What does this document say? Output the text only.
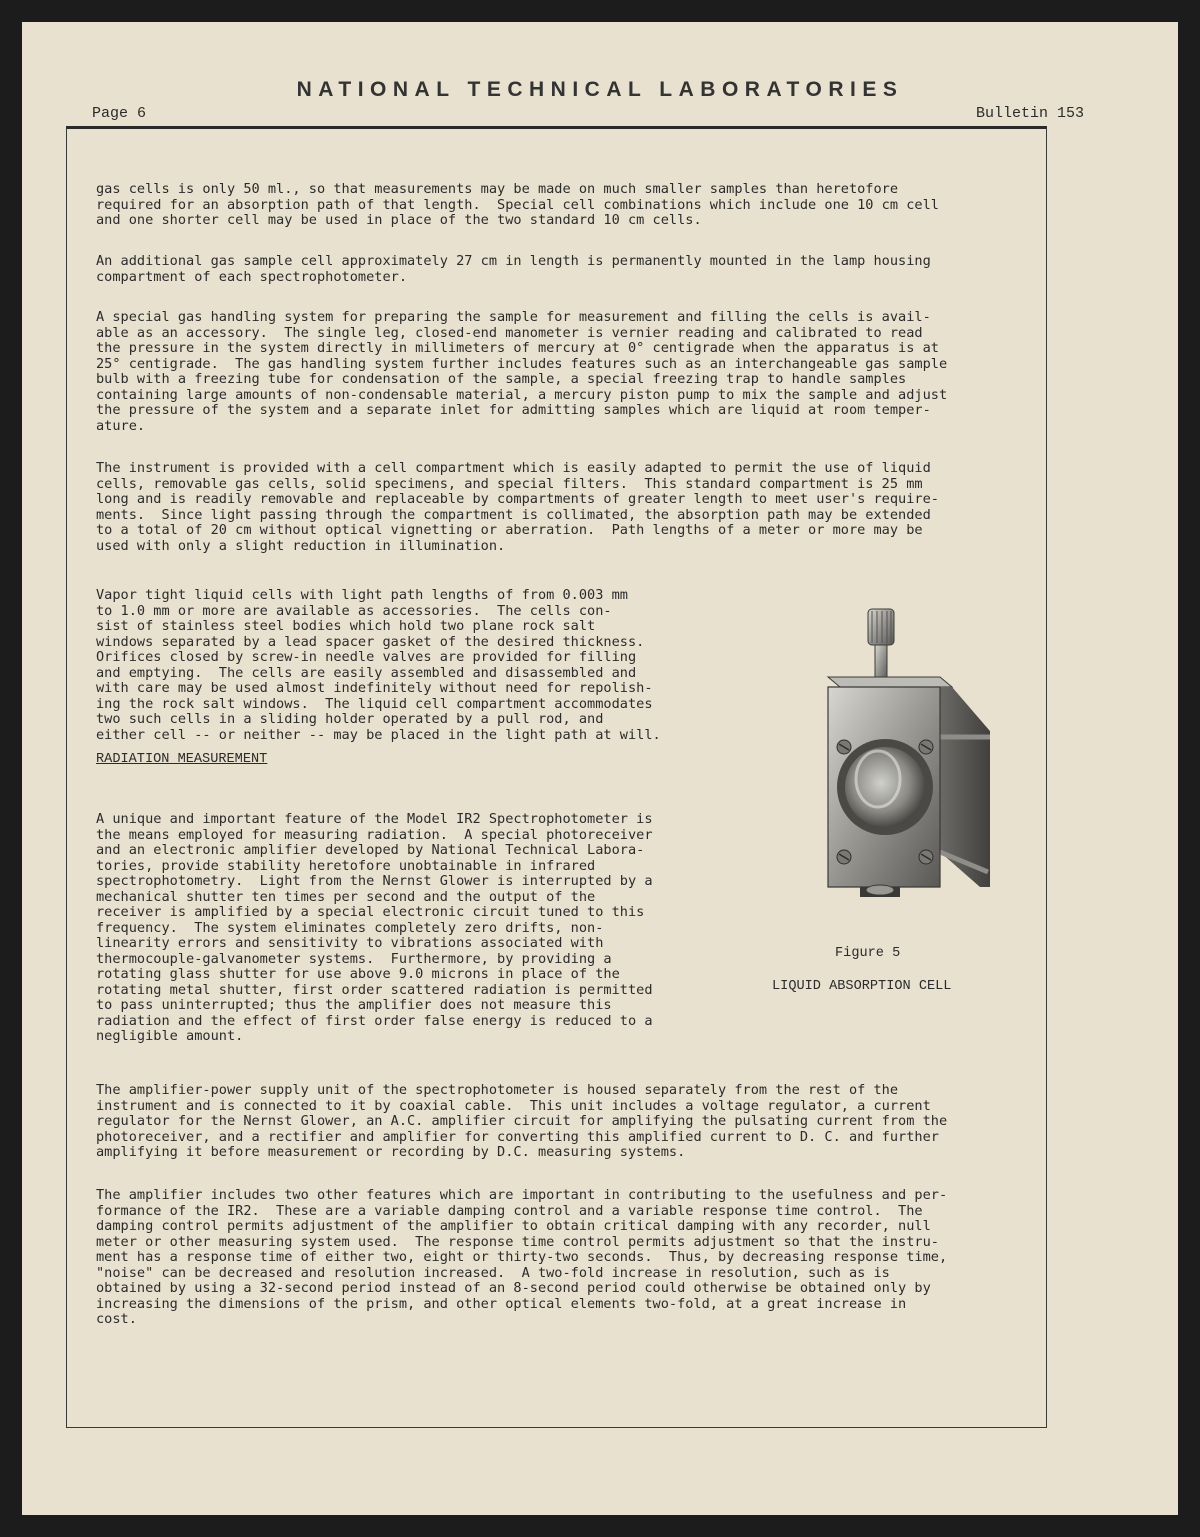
NATIONAL TECHNICAL LABORATORIES
Page 6	Bulletin 153
gas cells is only 50 ml., so that measurements may be made on much smaller samples than heretofore
required for an absorption path of that length.  Special cell combinations which include one 10 cm cell
and one shorter cell may be used in place of the two standard 10 cm cells.
An additional gas sample cell approximately 27 cm in length is permanently mounted in the lamp housing
compartment of each spectrophotometer.
A special gas handling system for preparing the sample for measurement and filling the cells is avail-
able as an accessory.  The single leg, closed-end manometer is vernier reading and calibrated to read
the pressure in the system directly in millimeters of mercury at 0° centigrade when the apparatus is at
25° centigrade.  The gas handling system further includes features such as an interchangeable gas sample
bulb with a freezing tube for condensation of the sample, a special freezing trap to handle samples
containing large amounts of non-condensable material, a mercury piston pump to mix the sample and adjust
the pressure of the system and a separate inlet for admitting samples which are liquid at room temper-
ature.
The instrument is provided with a cell compartment which is easily adapted to permit the use of liquid
cells, removable gas cells, solid specimens, and special filters.  This standard compartment is 25 mm
long and is readily removable and replaceable by compartments of greater length to meet user's require-
ments.  Since light passing through the compartment is collimated, the absorption path may be extended
to a total of 20 cm without optical vignetting or aberration.  Path lengths of a meter or more may be
used with only a slight reduction in illumination.
Vapor tight liquid cells with light path lengths of from 0.003 mm
to 1.0 mm or more are available as accessories.  The cells con-
sist of stainless steel bodies which hold two plane rock salt
windows separated by a lead spacer gasket of the desired thickness.
Orifices closed by screw-in needle valves are provided for filling
and emptying.  The cells are easily assembled and disassembled and
with care may be used almost indefinitely without need for repolish-
ing the rock salt windows.  The liquid cell compartment accommodates
two such cells in a sliding holder operated by a pull rod, and
either cell -- or neither -- may be placed in the light path at will.
RADIATION MEASUREMENT
A unique and important feature of the Model IR2 Spectrophotometer is
the means employed for measuring radiation.  A special photoreceiver
and an electronic amplifier developed by National Technical Labora-
tories, provide stability heretofore unobtainable in infrared
spectrophotometry.  Light from the Nernst Glower is interrupted by a
mechanical shutter ten times per second and the output of the
receiver is amplified by a special electronic circuit tuned to this
frequency.  The system eliminates completely zero drifts, non-
linearity errors and sensitivity to vibrations associated with
thermocouple-galvanometer systems.  Furthermore, by providing a
rotating glass shutter for use above 9.0 microns in place of the
rotating metal shutter, first order scattered radiation is permitted
to pass uninterrupted; thus the amplifier does not measure this
radiation and the effect of first order false energy is reduced to a
negligible amount.
The amplifier-power supply unit of the spectrophotometer is housed separately from the rest of the
instrument and is connected to it by coaxial cable.  This unit includes a voltage regulator, a current
regulator for the Nernst Glower, an A.C. amplifier circuit for amplifying the pulsating current from the
photoreceiver, and a rectifier and amplifier for converting this amplified current to D. C. and further
amplifying it before measurement or recording by D.C. measuring systems.
The amplifier includes two other features which are important in contributing to the usefulness and per-
formance of the IR2.  These are a variable damping control and a variable response time control.  The
damping control permits adjustment of the amplifier to obtain critical damping with any recorder, null
meter or other measuring system used.  The response time control permits adjustment so that the instru-
ment has a response time of either two, eight or thirty-two seconds.  Thus, by decreasing response time,
"noise" can be decreased and resolution increased.  A two-fold increase in resolution, such as is
obtained by using a 32-second period instead of an 8-second period could otherwise be obtained only by
increasing the dimensions of the prism, and other optical elements two-fold, at a great increase in
cost.
Figure 5
LIQUID ABSORPTION CELL
